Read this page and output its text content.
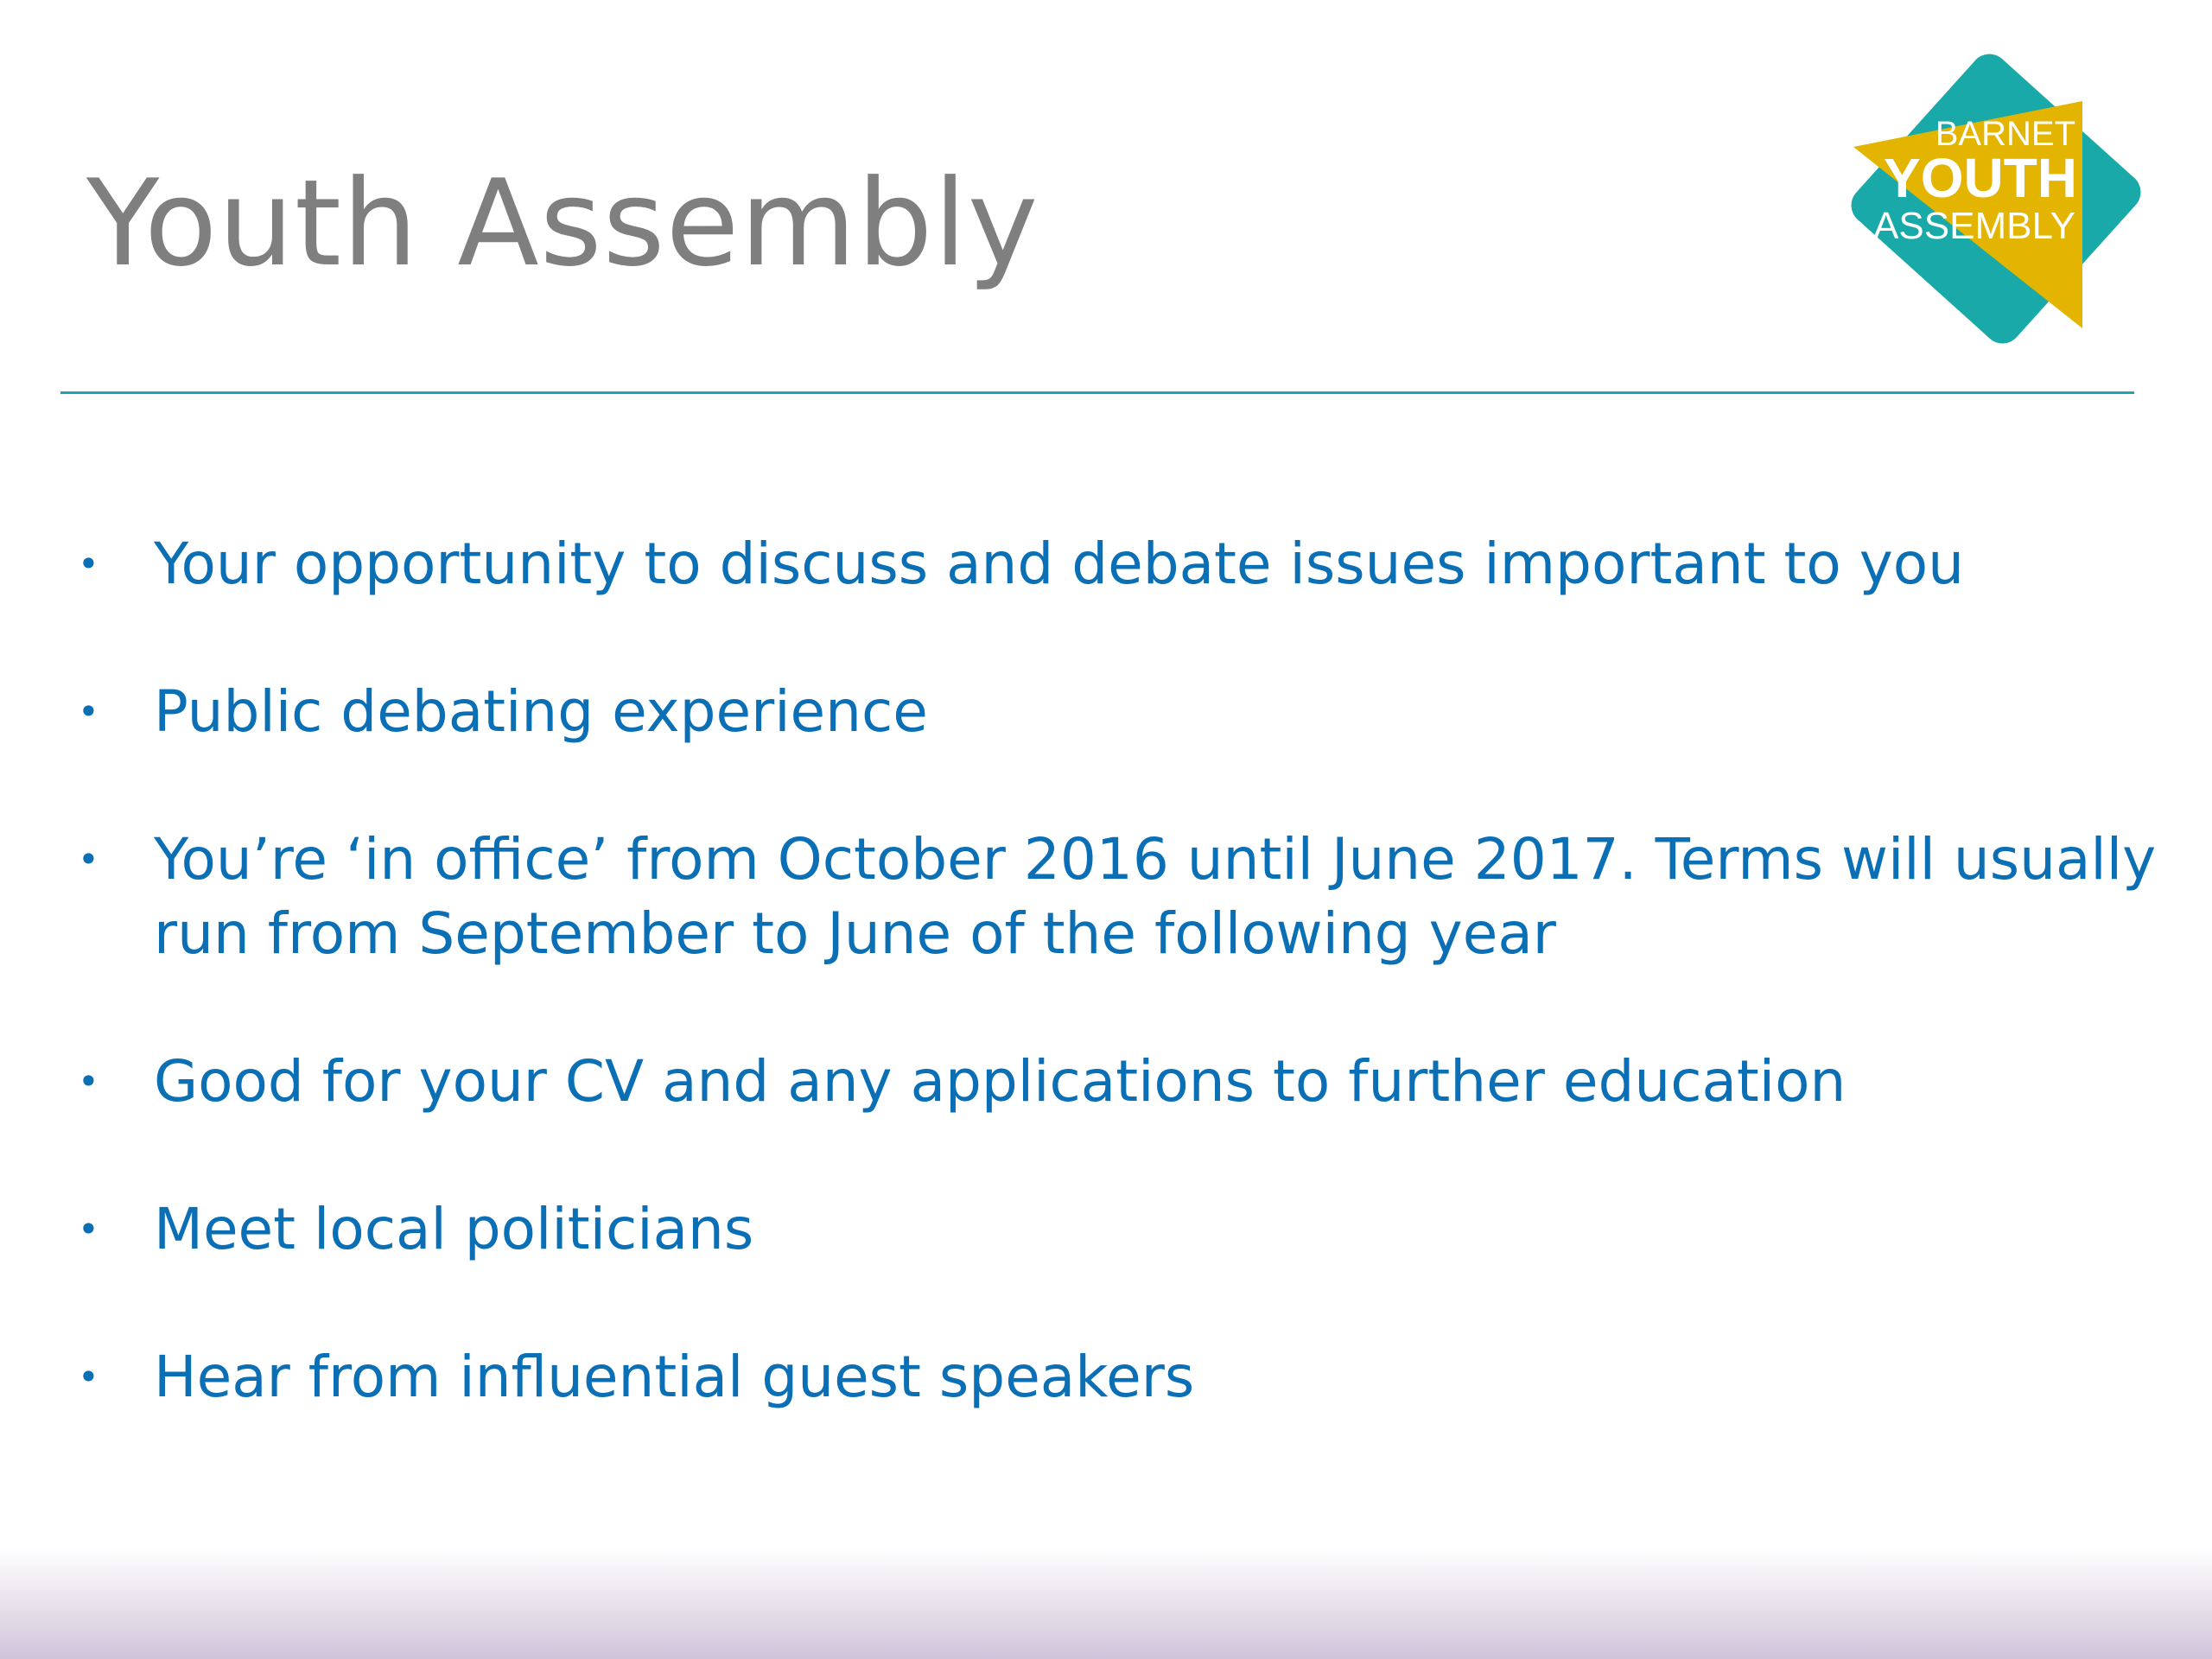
Youth Assembly
BARNET
YOUTH
ASSEMBLY
• Your opportunity to discuss and debate issues important to you
• Public debating experience
• You’re ‘in office’ from October 2016 until June 2017. Terms will usually run from September to June of the following year
• Good for your CV and any applications to further education
• Meet local politicians
• Hear from influential guest speakers
